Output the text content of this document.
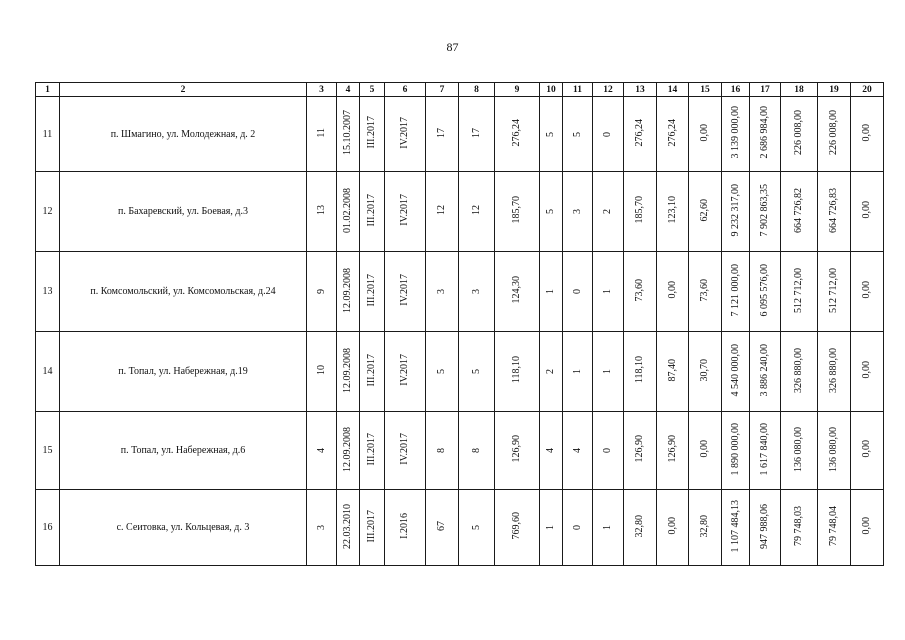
87
1	2	3	4	5	6	7	8	9	10	11	12	13	14	15	16	17	18	19	20
11	п. Шмагино, ул. Молодежная, д. 2	11	15.10.2007	III.2017	IV.2017	17	17	276,24	5	5	0	276,24	276,24	0,00	3 139 000,00	2 686 984,00	226 008,00	226 008,00	0,00
12	п. Бахаревский, ул. Боевая, д.3	13	01.02.2008	III.2017	IV.2017	12	12	185,70	5	3	2	185,70	123,10	62,60	9 232 317,00	7 902 863,35	664 726,82	664 726,83	0,00
13	п. Комсомольский, ул. Комсомольская, д.24	9	12.09.2008	III.2017	IV.2017	3	3	124,30	1	0	1	73,60	0,00	73,60	7 121 000,00	6 095 576,00	512 712,00	512 712,00	0,00
14	п. Топал, ул. Набережная, д.19	10	12.09.2008	III.2017	IV.2017	5	5	118,10	2	1	1	118,10	87,40	30,70	4 540 000,00	3 886 240,00	326 880,00	326 880,00	0,00
15	п. Топал, ул. Набережная, д.6	4	12.09.2008	III.2017	IV.2017	8	8	126,90	4	4	0	126,90	126,90	0,00	1 890 000,00	1 617 840,00	136 080,00	136 080,00	0,00
16	с. Сеитовка, ул. Кольцевая, д. 3	3	22.03.2010	III.2017	I.2016	67	5	769,60	1	0	1	32,80	0,00	32,80	1 107 484,13	947 988,06	79 748,03	79 748,04	0,00
